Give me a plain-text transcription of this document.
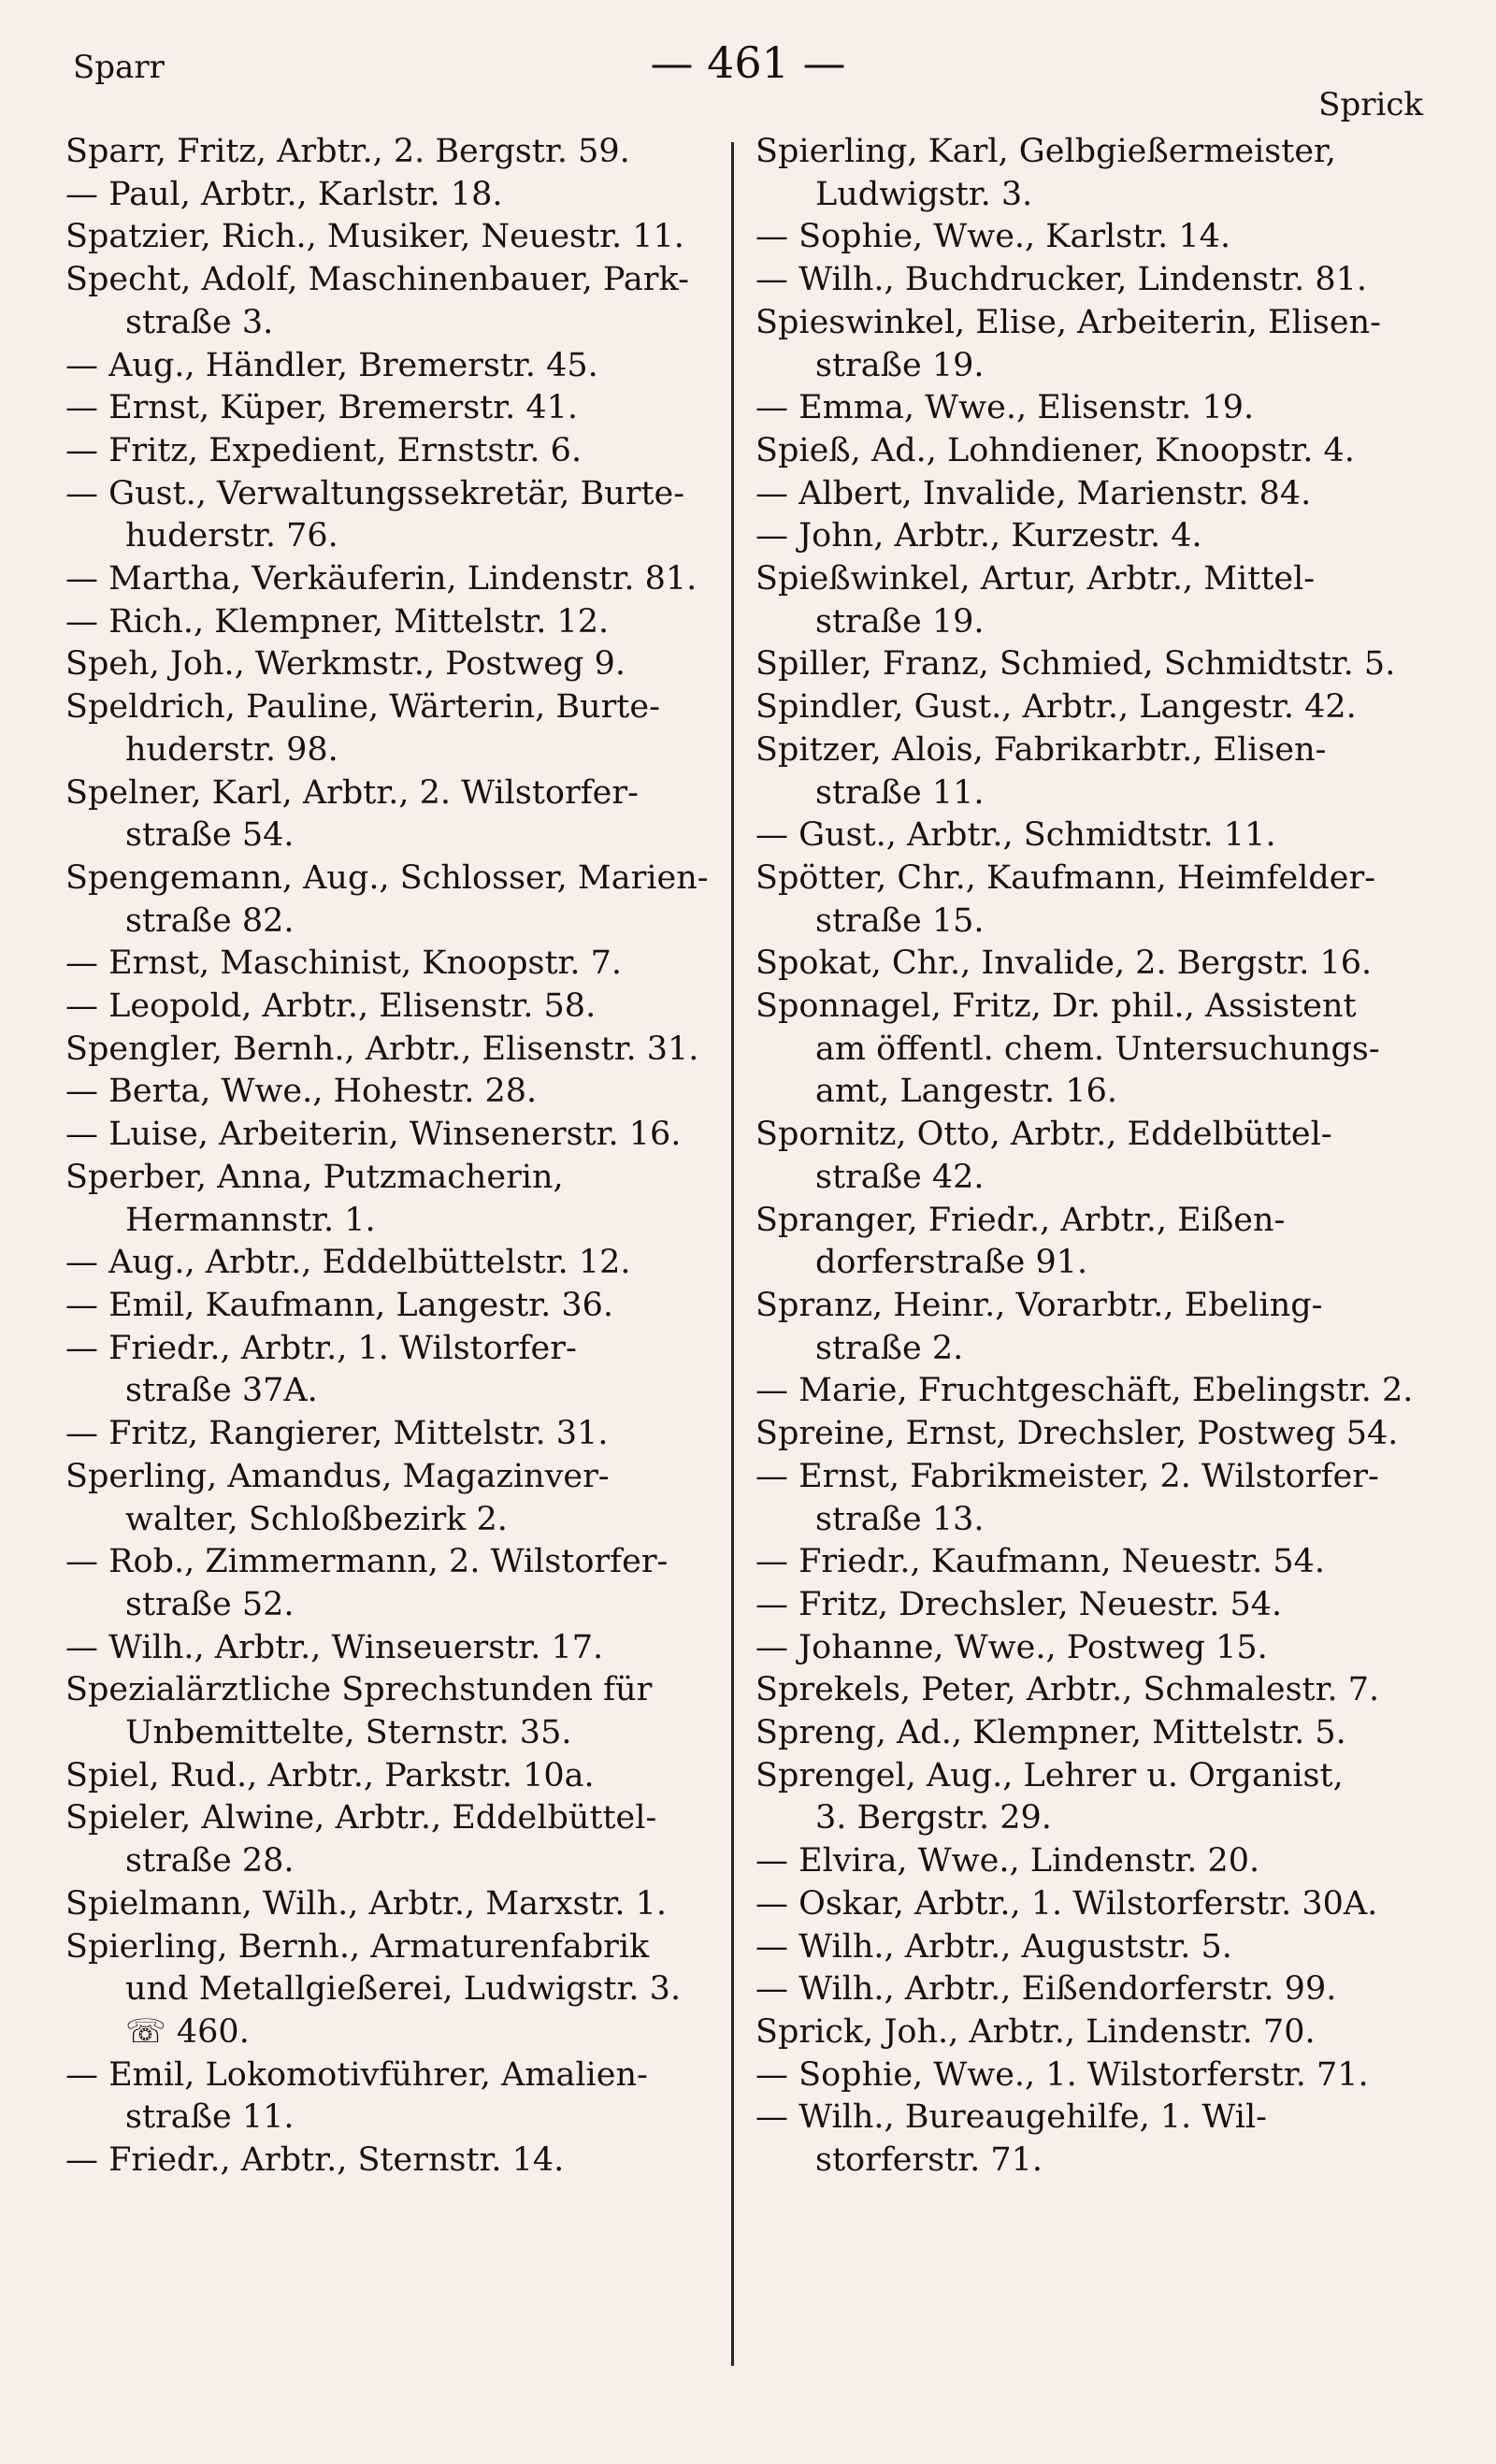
Sparr	— 461 —
Sprick
Sparr, Fritz, Arbtr., 2. Bergstr. 59.
— Paul, Arbtr., Karlstr. 18.
Spatzier, Rich., Musiker, Neuestr. 11.
Specht, Adolf, Maschinenbauer, Park-
straße 3.
— Aug., Händler, Bremerstr. 45.
— Ernst, Küper, Bremerstr. 41.
— Fritz, Expedient, Ernststr. 6.
— Gust., Verwaltungssekretär, Burte-
huderstr. 76.
— Martha, Verkäuferin, Lindenstr. 81.
— Rich., Klempner, Mittelstr. 12.
Speh, Joh., Werkmstr., Postweg 9.
Speldrich, Pauline, Wärterin, Burte-
huderstr. 98.
Spelner, Karl, Arbtr., 2. Wilstorfer-
straße 54.
Spengemann, Aug., Schlosser, Marien-
straße 82.
— Ernst, Maschinist, Knoopstr. 7.
— Leopold, Arbtr., Elisenstr. 58.
Spengler, Bernh., Arbtr., Elisenstr. 31.
— Berta, Wwe., Hohestr. 28.
— Luise, Arbeiterin, Winsenerstr. 16.
Sperber, Anna, Putzmacherin,
Hermannstr. 1.
— Aug., Arbtr., Eddelbüttelstr. 12.
— Emil, Kaufmann, Langestr. 36.
— Friedr., Arbtr., 1. Wilstorfer-
straße 37A.
— Fritz, Rangierer, Mittelstr. 31.
Sperling, Amandus, Magazinver-
walter, Schloßbezirk 2.
— Rob., Zimmermann, 2. Wilstorfer-
straße 52.
— Wilh., Arbtr., Winseuerstr. 17.
Spezialärztliche Sprechstunden für
Unbemittelte, Sternstr. 35.
Spiel, Rud., Arbtr., Parkstr. 10a.
Spieler, Alwine, Arbtr., Eddelbüttel-
straße 28.
Spielmann, Wilh., Arbtr., Marxstr. 1.
Spierling, Bernh., Armaturenfabrik
und Metallgießerei, Ludwigstr. 3.
☏ 460.
— Emil, Lokomotivführer, Amalien-
straße 11.
— Friedr., Arbtr., Sternstr. 14.
Spierling, Karl, Gelbgießermeister,
Ludwigstr. 3.
— Sophie, Wwe., Karlstr. 14.
— Wilh., Buchdrucker, Lindenstr. 81.
Spieswinkel, Elise, Arbeiterin, Elisen-
straße 19.
— Emma, Wwe., Elisenstr. 19.
Spieß, Ad., Lohndiener, Knoopstr. 4.
— Albert, Invalide, Marienstr. 84.
— John, Arbtr., Kurzestr. 4.
Spießwinkel, Artur, Arbtr., Mittel-
straße 19.
Spiller, Franz, Schmied, Schmidtstr. 5.
Spindler, Gust., Arbtr., Langestr. 42.
Spitzer, Alois, Fabrikarbtr., Elisen-
straße 11.
— Gust., Arbtr., Schmidtstr. 11.
Spötter, Chr., Kaufmann, Heimfelder-
straße 15.
Spokat, Chr., Invalide, 2. Bergstr. 16.
Sponnagel, Fritz, Dr. phil., Assistent
am öffentl. chem. Untersuchungs-
amt, Langestr. 16.
Spornitz, Otto, Arbtr., Eddelbüttel-
straße 42.
Spranger, Friedr., Arbtr., Eißen-
dorferstraße 91.
Spranz, Heinr., Vorarbtr., Ebeling-
straße 2.
— Marie, Fruchtgeschäft, Ebelingstr. 2.
Spreine, Ernst, Drechsler, Postweg 54.
— Ernst, Fabrikmeister, 2. Wilstorfer-
straße 13.
— Friedr., Kaufmann, Neuestr. 54.
— Fritz, Drechsler, Neuestr. 54.
— Johanne, Wwe., Postweg 15.
Sprekels, Peter, Arbtr., Schmalestr. 7.
Spreng, Ad., Klempner, Mittelstr. 5.
Sprengel, Aug., Lehrer u. Organist,
3. Bergstr. 29.
— Elvira, Wwe., Lindenstr. 20.
— Oskar, Arbtr., 1. Wilstorferstr. 30A.
— Wilh., Arbtr., Auguststr. 5.
— Wilh., Arbtr., Eißendorferstr. 99.
Sprick, Joh., Arbtr., Lindenstr. 70.
— Sophie, Wwe., 1. Wilstorferstr. 71.
— Wilh., Bureaugehilfe, 1. Wil-
storferstr. 71.
